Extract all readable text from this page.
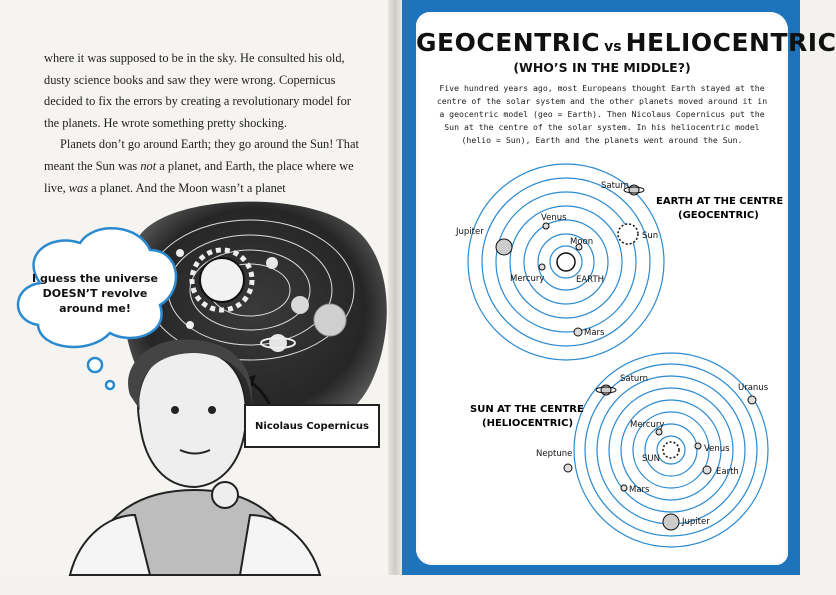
where it was supposed to be in the sky. He consulted his old, dusty science books and saw they were wrong. Copernicus decided to fix the errors by creating a revolutionary model for the planets. He wrote something pretty shocking.

Planets don’t go around Earth; they go around the Sun! That meant the Sun was not a planet, and Earth, the place where we live, was a planet. And the Moon wasn’t a planet

I guess the universe
DOESN’T revolve
around me!
Nicolaus Copernicus
GEOCENTRIC vs HELIOCENTRIC
(WHO’S IN THE MIDDLE?)
Five hundred years ago, most Europeans thought Earth stayed at the centre of the solar system and the other planets moved around it in a geocentric model (geo = Earth). Then Nicolaus Copernicus put the Sun at the centre of the solar system. In his heliocentric model (helio = Sun), Earth and the planets went around the Sun.
Saturn
Venus
Jupiter	Sun
Moon
Mercury	EARTH
Mars
EARTH AT THE CENTRE
(GEOCENTRIC)
Saturn
Uranus
Mercury
Neptune	SUN
Venus
Earth
Mars
Jupiter
SUN AT THE CENTRE
(HELIOCENTRIC)
